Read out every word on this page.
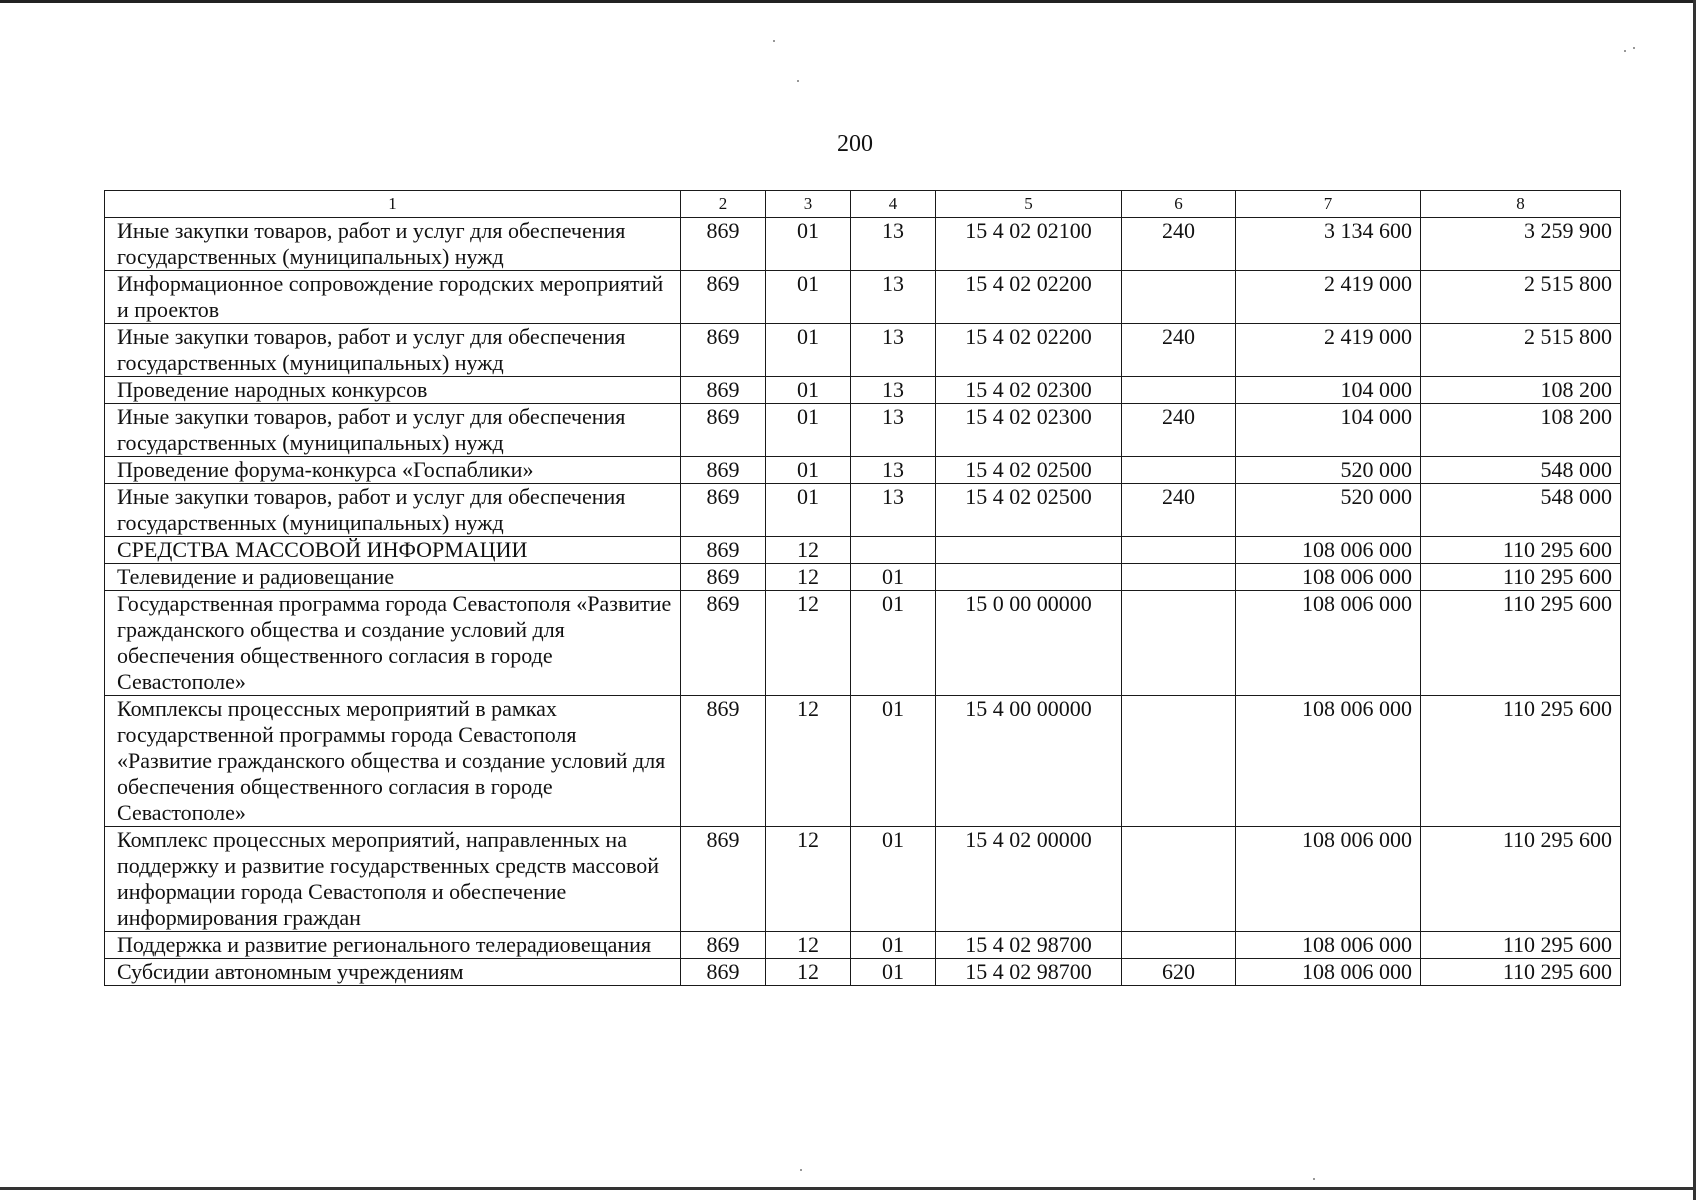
200
1	2	3	4	5	6	7	8
Иные закупки товаров, работ и услуг для обеспечения государственных (муниципальных) нужд	869	01	13	15 4 02 02100	240	3 134 600	3 259 900
Информационное сопровождение городских мероприятий и проектов	869	01	13	15 4 02 02200		2 419 000	2 515 800
Иные закупки товаров, работ и услуг для обеспечения государственных (муниципальных) нужд	869	01	13	15 4 02 02200	240	2 419 000	2 515 800
Проведение народных конкурсов	869	01	13	15 4 02 02300		104 000	108 200
Иные закупки товаров, работ и услуг для обеспечения государственных (муниципальных) нужд	869	01	13	15 4 02 02300	240	104 000	108 200
Проведение форума-конкурса «Госпаблики»	869	01	13	15 4 02 02500		520 000	548 000
Иные закупки товаров, работ и услуг для обеспечения государственных (муниципальных) нужд	869	01	13	15 4 02 02500	240	520 000	548 000
СРЕДСТВА МАССОВОЙ ИНФОРМАЦИИ	869	12				108 006 000	110 295 600
Телевидение и радиовещание	869	12	01			108 006 000	110 295 600
Государственная программа города Севастополя «Развитие гражданского общества и создание условий для обеспечения общественного согласия в городе Севастополе»	869	12	01	15 0 00 00000		108 006 000	110 295 600
Комплексы процессных мероприятий в рамках государственной программы города Севастополя «Развитие гражданского общества и создание условий для обеспечения общественного согласия в городе Севастополе»	869	12	01	15 4 00 00000		108 006 000	110 295 600
Комплекс процессных мероприятий, направленных на поддержку и развитие государственных средств массовой информации города Севастополя и обеспечение информирования граждан	869	12	01	15 4 02 00000		108 006 000	110 295 600
Поддержка и развитие регионального телерадиовещания	869	12	01	15 4 02 98700		108 006 000	110 295 600
Субсидии автономным учреждениям	869	12	01	15 4 02 98700	620	108 006 000	110 295 600
